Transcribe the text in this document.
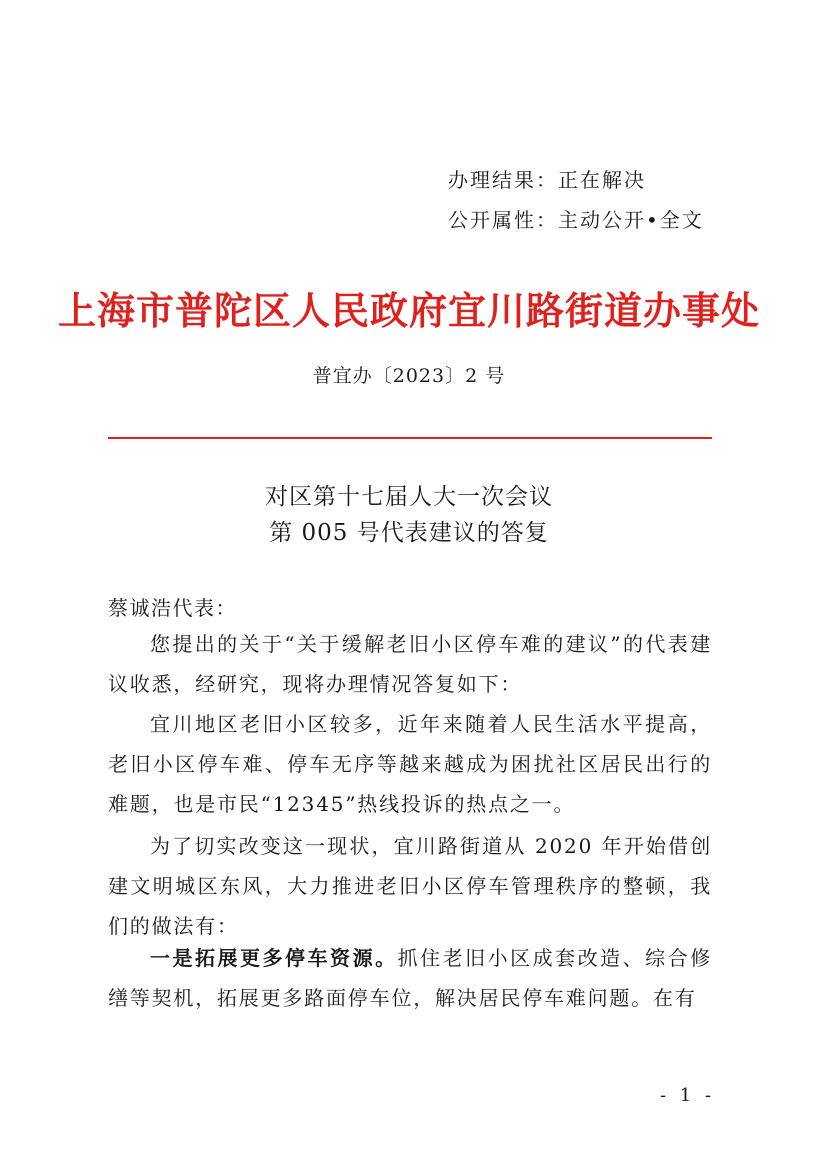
办理结果：正在解决
公开属性：主动公开•全文
上海市普陀区人民政府宜川路街道办事处
普宜办〔2023〕2 号
对区第十七届人大一次会议
第 005 号代表建议的答复
蔡诚浩代表：

您提出的关于“关于缓解老旧小区停车难的建议”的代表建议收悉，经研究，现将办理情况答复如下：

宜川地区老旧小区较多，近年来随着人民生活水平提高，老旧小区停车难、停车无序等越来越成为困扰社区居民出行的难题，也是市民“12345”热线投诉的热点之一。

为了切实改变这一现状，宜川路街道从 2020 年开始借创建文明城区东风，大力推进老旧小区停车管理秩序的整顿，我们的做法有：

一是拓展更多停车资源。抓住老旧小区成套改造、综合修缮等契机，拓展更多路面停车位，解决居民停车难问题。在有

- 1 -
